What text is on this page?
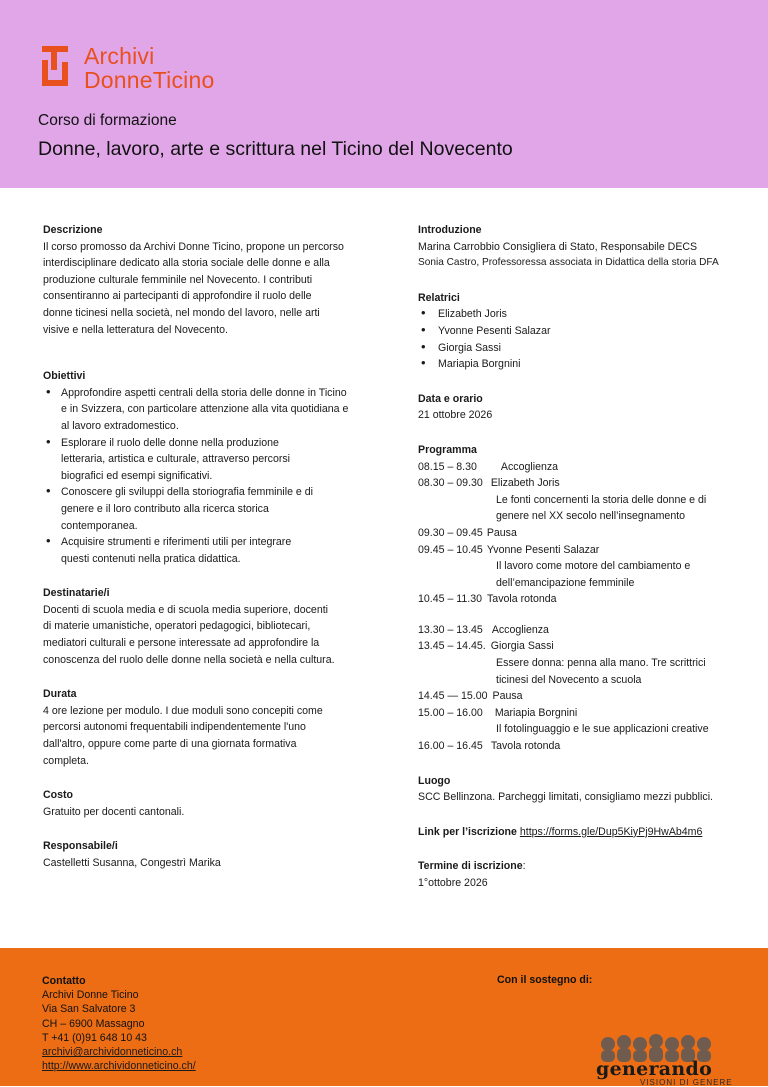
Archivi
DonneTicino
Corso di formazione
Donne, lavoro, arte e scrittura nel Ticino del Novecento
Descrizione
Il corso promosso da Archivi Donne Ticino, propone un percorso
interdisciplinare dedicato alla storia sociale delle donne e alla
produzione culturale femminile nel Novecento. I contributi
consentiranno ai partecipanti di approfondire il ruolo delle
donne ticinesi nella società, nel mondo del lavoro, nelle arti
visive e nella letteratura del Novecento.
Obiettivi
• Approfondire aspetti centrali della storia delle donne in Ticino
e in Svizzera, con particolare attenzione alla vita quotidiana e
al lavoro extradomestico.
• Esplorare il ruolo delle donne nella produzione
letteraria, artistica e culturale, attraverso percorsi
biografici ed esempi significativi.
• Conoscere gli sviluppi della storiografia femminile e di
genere e il loro contributo alla ricerca storica
contemporanea.
• Acquisire strumenti e riferimenti utili per integrare
questi contenuti nella pratica didattica.
Destinatarie/i
Docenti di scuola media e di scuola media superiore, docenti
di materie umanistiche, operatori pedagogici, bibliotecari,
mediatori culturali e persone interessate ad approfondire la
conoscenza del ruolo delle donne nella società e nella cultura.
Durata
4 ore lezione per modulo. I due moduli sono concepiti come
percorsi autonomi frequentabili indipendentemente l'uno
dall'altro, oppure come parte di una giornata formativa
completa.
Costo
Gratuito per docenti cantonali.
Responsabile/i
Castelletti Susanna, Congestrì Marika
Introduzione
Marina Carrobbio Consigliera di Stato, Responsabile DECS
Sonia Castro, Professoressa associata in Didattica della storia DFA
Relatrici
• Elizabeth Joris
• Yvonne Pesenti Salazar
• Giorgia Sassi
• Mariapia Borgnini
Data e orario
21 ottobre 2026
Programma
08.15 – 8.30 Accoglienza
08.30 – 09.30 Elizabeth Joris
Le fonti concernenti la storia delle donne e di
genere nel XX secolo nell’insegnamento
09.30 – 09.45 Pausa
09.45 – 10.45 Yvonne Pesenti Salazar
Il lavoro come motore del cambiamento e
dell’emancipazione femminile
10.45 – 11.30 Tavola rotonda
13.30 – 13.45 Accoglienza
13.45 – 14.45. Giorgia Sassi
Essere donna: penna alla mano. Tre scrittrici
ticinesi del Novecento a scuola
14.45 — 15.00 Pausa
15.00 – 16.00 Mariapia Borgnini
Il fotolinguaggio e le sue applicazioni creative
16.00 – 16.45 Tavola rotonda
Luogo
SCC Bellinzona. Parcheggi limitati, consigliamo mezzi pubblici.
Link per l’iscrizione https://forms.gle/Dup5KiyPj9HwAb4m6
Termine di iscrizione:
1°ottobre 2026
Contatto
Archivi Donne Ticino
Via San Salvatore 3
CH – 6900 Massagno
T +41 (0)91 648 10 43
archivi@archividonneticino.ch
http://www.archividonneticino.ch/
Con il sostegno di:
generando
VISIONI DI GENERE
